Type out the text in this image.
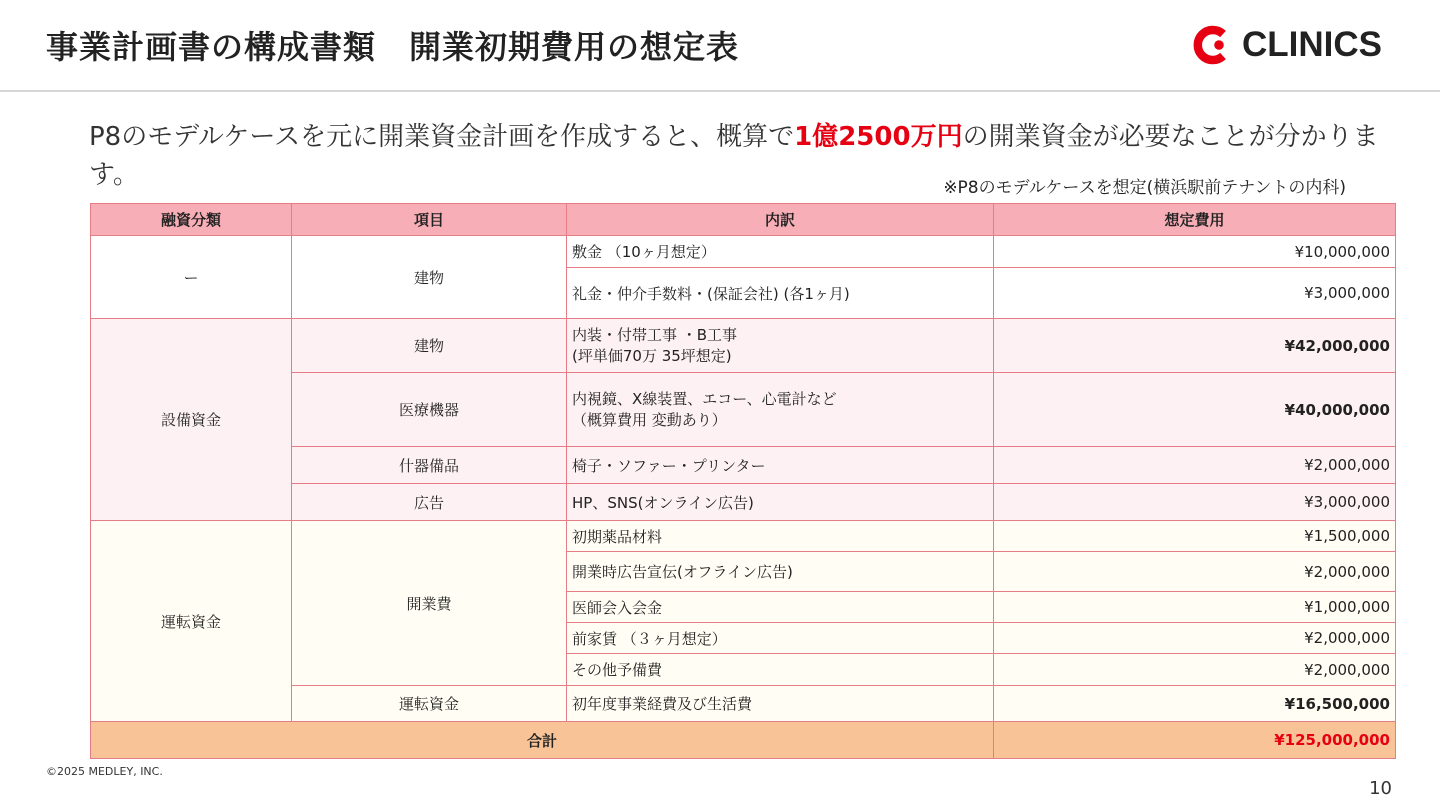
事業計画書の構成書類　開業初期費用の想定表	CLINICS

P8のモデルケースを元に開業資金計画を作成すると、概算で1億2500万円の開業資金が必要なことが分かります。	※P8のモデルケースを想定(横浜駅前テナントの内科)
融資分類	項目	内訳	想定費用
ー	建物	敷金 （10ヶ月想定）	¥10,000,000
		礼金・仲介手数料・(保証会社) (各1ヶ月)	¥3,000,000
設備資金	建物	内装・付帯工事 ・B工事
(坪単価70万 35坪想定)	¥42,000,000
	医療機器	内視鏡、X線装置、エコー、心電計など
（概算費用 変動あり）	¥40,000,000
	什器備品	椅子・ソファー・プリンター	¥2,000,000
	広告	HP、SNS(オンライン広告)	¥3,000,000
運転資金	開業費	初期薬品材料	¥1,500,000
		開業時広告宣伝(オフライン広告)	¥2,000,000
		医師会入会金	¥1,000,000
		前家賃 （３ヶ月想定）	¥2,000,000
		その他予備費	¥2,000,000
	運転資金	初年度事業経費及び生活費	¥16,500,000
合計			¥125,000,000
©2025 MEDLEY, INC.
10
